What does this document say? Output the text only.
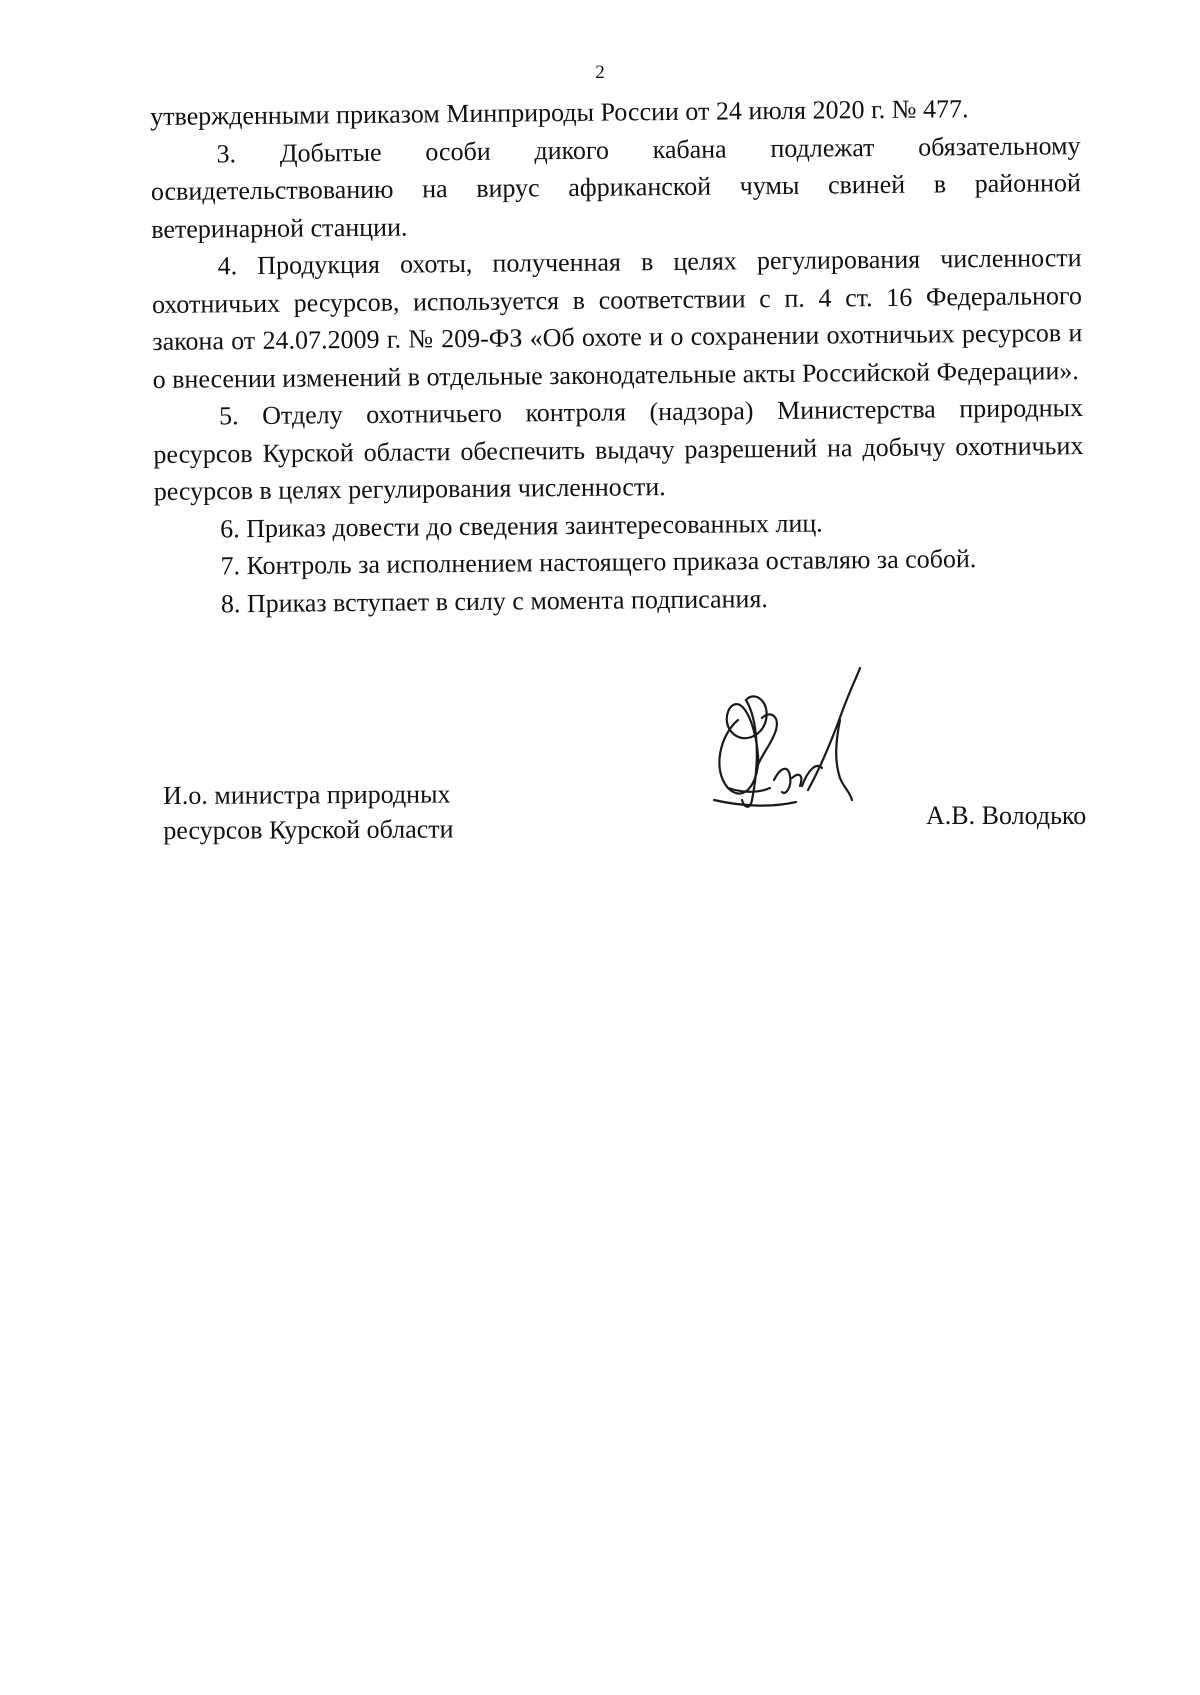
2

утвержденными приказом Минприроды России от 24 июля 2020 г. № 477.

3. Добытые особи дикого кабана подлежат обязательному освидетельствованию на вирус африканской чумы свиней в районной ветеринарной станции.

4. Продукция охоты, полученная в целях регулирования численности охотничьих ресурсов, используется в соответствии с п. 4 ст. 16 Федерального закона от 24.07.2009 г. № 209-ФЗ «Об охоте и о сохранении охотничьих ресурсов и о внесении изменений в отдельные законодательные акты Российской Федерации».

5. Отделу охотничьего контроля (надзора) Министерства природных ресурсов Курской области обеспечить выдачу разрешений на добычу охотничьих ресурсов в целях регулирования численности.

6. Приказ довести до сведения заинтересованных лиц.

7. Контроль за исполнением настоящего приказа оставляю за собой.

8. Приказ вступает в силу с момента подписания.

И.о. министра природных
ресурсов Курской области	А.В. Володько
